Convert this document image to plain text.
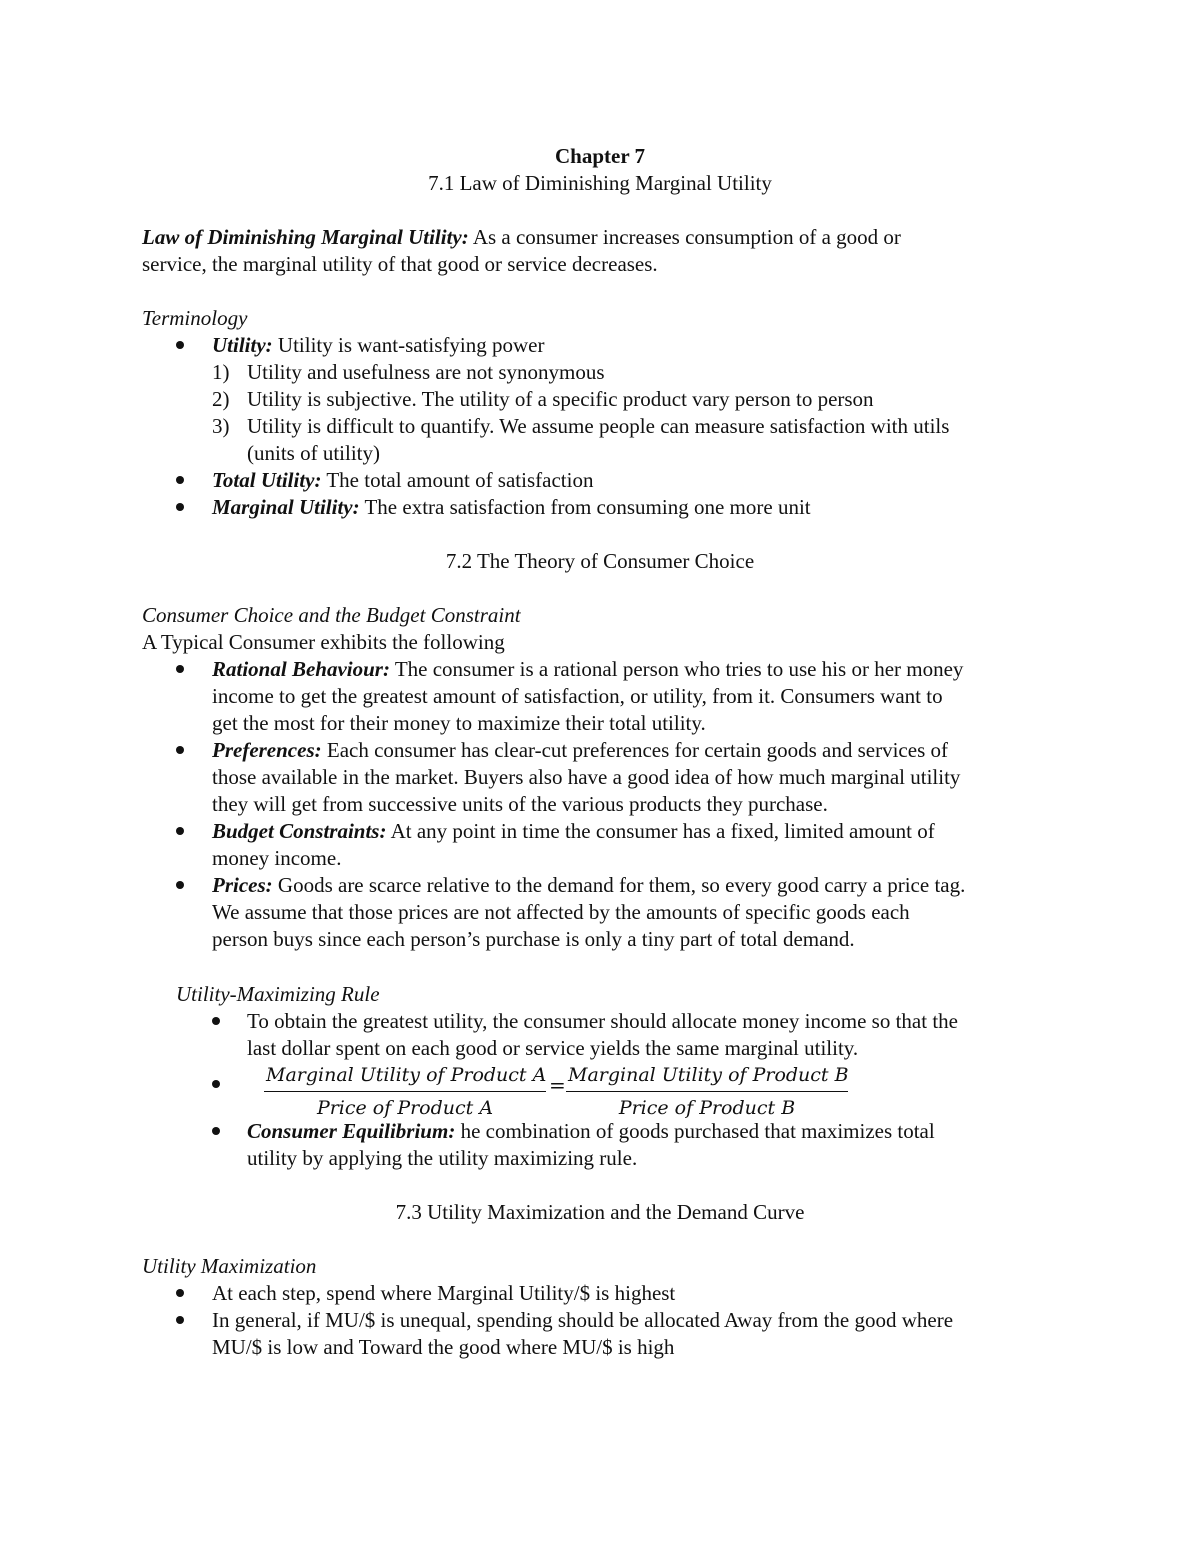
Chapter 7

7.1 Law of Diminishing Marginal Utility

Law of Diminishing Marginal Utility: As a consumer increases consumption of a good or

service, the marginal utility of that good or service decreases.

Terminology

Utility: Utility is want-satisfying power

1) Utility and usefulness are not synonymous

2) Utility is subjective. The utility of a specific product vary person to person

3) Utility is difficult to quantify. We assume people can measure satisfaction with utils

(units of utility)

Total Utility: The total amount of satisfaction

Marginal Utility: The extra satisfaction from consuming one more unit

7.2 The Theory of Consumer Choice

Consumer Choice and the Budget Constraint

A Typical Consumer exhibits the following

Rational Behaviour: The consumer is a rational person who tries to use his or her money

income to get the greatest amount of satisfaction, or utility, from it. Consumers want to

get the most for their money to maximize their total utility.

Preferences: Each consumer has clear-cut preferences for certain goods and services of

those available in the market. Buyers also have a good idea of how much marginal utility

they will get from successive units of the various products they purchase.

Budget Constraints: At any point in time the consumer has a fixed, limited amount of

money income.

Prices: Goods are scarce relative to the demand for them, so every good carry a price tag.

We assume that those prices are not affected by the amounts of specific goods each

person buys since each person’s purchase is only a tiny part of total demand.

Utility-Maximizing Rule

To obtain the greatest utility, the consumer should allocate money income so that the

last dollar spent on each good or service yields the same marginal utility.

Marginal Utility of Product A
Price of Product A
= Marginal Utility of Product B
Price of Product B

Consumer Equilibrium: he combination of goods purchased that maximizes total

utility by applying the utility maximizing rule.

7.3 Utility Maximization and the Demand Curve

Utility Maximization

At each step, spend where Marginal Utility/$ is highest

In general, if MU/$ is unequal, spending should be allocated Away from the good where

MU/$ is low and Toward the good where MU/$ is high
